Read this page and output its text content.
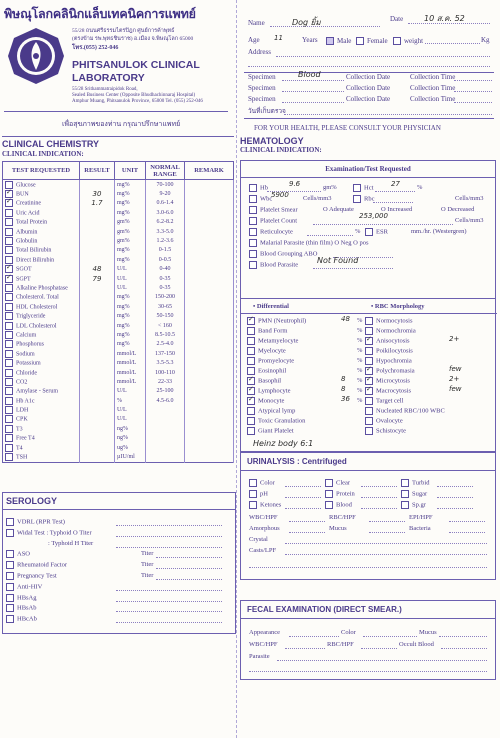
พิษณุโลกคลินิกแล็บเทคนิคการแพทย์
55/28 ถนนศรีธรรมไตรปิฎก ศูนย์การค้าพุทธ์
(ตรงข้าม รพ.พุทธชินราช) อ.เมือง จ.พิษณุโลก 65000
โทร.(055) 252-046
PHITSANULOK CLINICAL
LABORATORY
55/28 Srithammatraipidok Road,
Sealed Business Center (Opposite Bhudhachinnaraj Hospital)
Amphur Muang, Phitsanulok Province, 65000 Tel. (055) 252-046
เพื่อสุขภาพของท่าน กรุณาปรึกษาแพทย์
Name	Dog ยิ้ม	Date	10 ส.ค. 52
Age 11	Years	Male	Female	weight	Kg
Address
Specimen	Blood	Collection Date	Collection Time
Specimen	Collection Date	Collection Time
Specimen	Collection Date	Collection Time
วันที่เก็บตรวจ
FOR YOUR HEALTH, PLEASE CONSULT YOUR PHYSICIAN
CLINICAL CHEMISTRY
CLINICAL INDICATION:
TEST REQUESTED	RESULT	UNIT	NORMAL RANGE	REMARK
Glucose		mg%	70-100	
✓ BUN	30	mg%	9-20	
✓ Creatinine	1.7	mg%	0.6-1.4	
Uric Acid		mg%	3.0-6.0	
Total Protein		gm%	6.2-8.2	
Albumin		gm%	3.3-5.0	
Globulin		gm%	1.2-3.6	
Total Bilirubin		mg%	0-1.5	
Direct Bilirubin		mg%	0-0.5	
✓ SGOT	48	U/L	0-40	
✓ SGPT	79	U/L	0-35	
Alkaline Phosphatase		U/L	0-35	
Cholesterol. Total		mg%	150-200	
HDL Cholesterol		mg%	30-65	
Triglyceride		mg%	50-150	
LDL Cholesterol		mg%	< 160	
Calcium		mg%	8.5-10.5	
Phosphorus		mg%	2.5-4.0	
Sodium		mmol/L	137-150	
Potassium		mmol/L	3.5-5.3	
Chloride		mmol/L	100-110	
CO2		mmol/L	22-33	
Amylase - Serum		U/L	25-100	
Hb A1c		%	4.5-6.0	
LDH		U/L		
CPK		U/L		
T3		ng%		
Free T4		ng%		
T4		ug%		
TSH		µIU/ml		
SEROLOGY
VDRL (RPR Test)
Widal Test : Typhoid O Titer
: Typhoid H Titer
ASO	Titer
Rheumatoid Factor	Titer
Pregnancy Test	Titer
Anti-HIV
HBsAg
HBsAb
HBcAb
HEMATOLOGY
CLINICAL INDICATION:
Examination/Test Requested
Hb	9.6	gm%	Hct	27	%
Wbc
5900 Cells/mm3	Rbc	Cells/mm3
Platelet Smear	O Adequate	O Increased	O Decreased
Platelet Count
253,000
Cells/mm3
Reticulocyte	%	ESR	mm./hr. (Westergren)
Malarial Parasite (thin film) O Neg O pos
Blood Grouping ABO
Blood Parasite Not Found
• Differential	• RBC Morphology
✓ PMN (Neutrophil)	48 %
Band Form	%
Metamyelocyte	%
Myelocyte	%
Promyelocyte	%
Eosinophil	%
✓ Basophil	8 %
✓ Lymphocyte	8 %
✓ Monocyte	36 %
Atypical lymp
Toxic Granulation
Giant Platelet
Normocytosis
Normochromia
✓ Anisocytosis	2+
Poikilocytosis
Hypochromia
✓ Polychromasia	few
✓ Microcytosis	2+
✓ Macrocytosis	few
Target cell
Nucleated RBC/100 WBC
Ovalocyte
Schistocyte
Heinz body 6:1
URINALYSIS : Centrifuged
Color	Clear	Turbid
pH	Protein	Sugar
Ketones	Blood	Sp.gr
WBC/HPF	RBC/HPF	EPI/HPF
Amorphous	Mucus	Bacteria
Crystal
Casts/LPF
FECAL EXAMINATION (DIRECT SMEAR.)
Appearance	Color	Mucus
WBC/HPF	RBC/HPF	Occult Blood
Parasite
